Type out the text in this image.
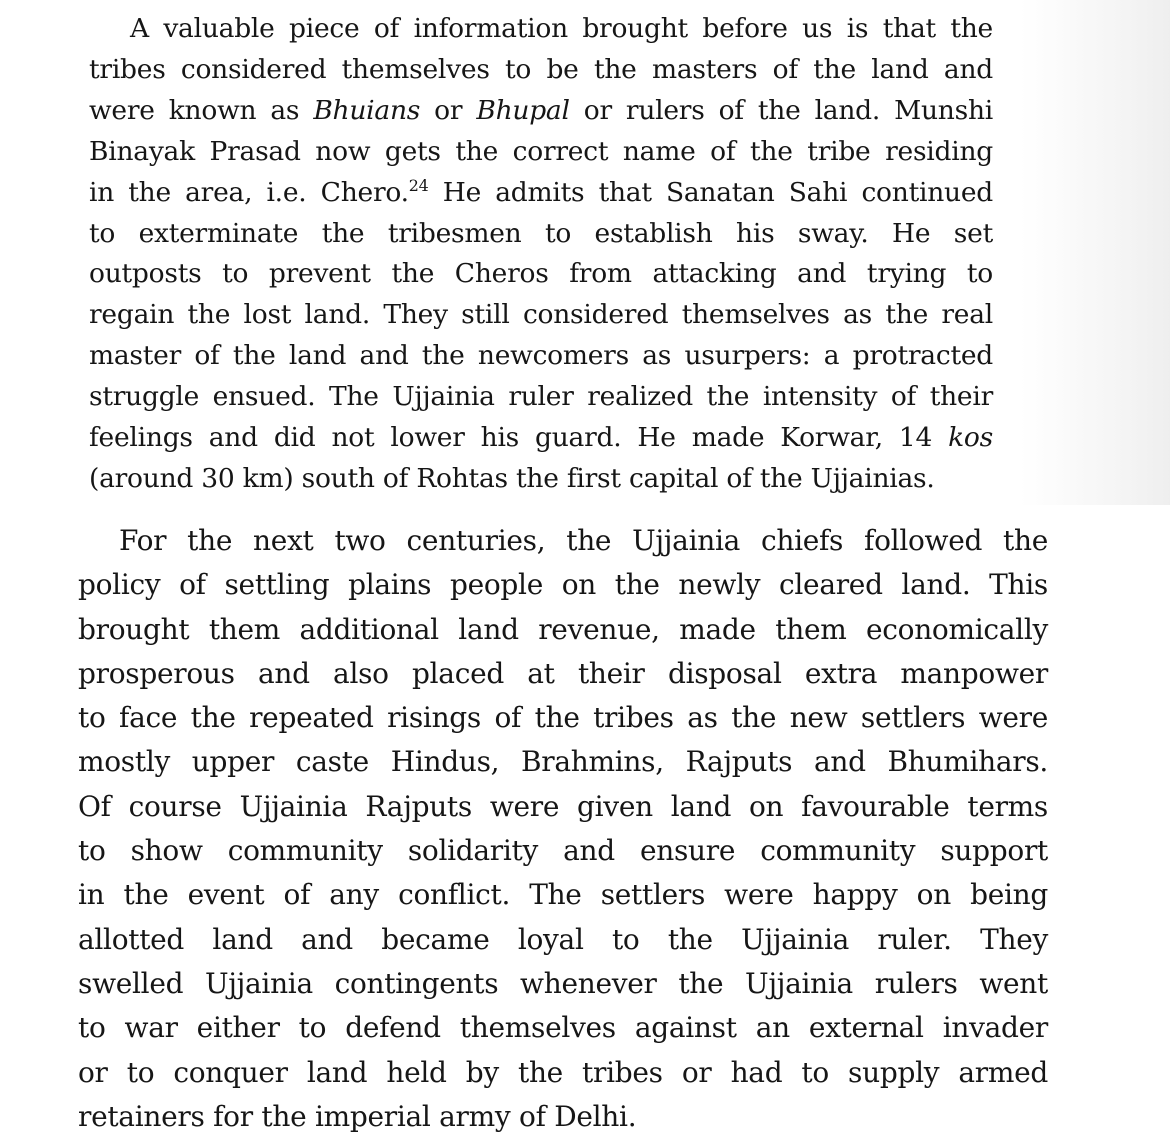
A valuable piece of information brought before us is that the
tribes considered themselves to be the masters of the land and
were known as Bhuians or Bhupal or rulers of the land. Munshi
Binayak Prasad now gets the correct name of the tribe residing
in the area, i.e. Chero.$^{24}$ He admits that Sanatan Sahi continued
to exterminate the tribesmen to establish his sway. He set
outposts to prevent the Cheros from attacking and trying to
regain the lost land. They still considered themselves as the real
master of the land and the newcomers as usurpers: a protracted
struggle ensued. The Ujjainia ruler realized the intensity of their
feelings and did not lower his guard. He made Korwar, 14 kos
(around 30 km) south of Rohtas the first capital of the Ujjainias.

For the next two centuries, the Ujjainia chiefs followed the
policy of settling plains people on the newly cleared land. This
brought them additional land revenue, made them economically
prosperous and also placed at their disposal extra manpower
to face the repeated risings of the tribes as the new settlers were
mostly upper caste Hindus, Brahmins, Rajputs and Bhumihars.
Of course Ujjainia Rajputs were given land on favourable terms
to show community solidarity and ensure community support
in the event of any conflict. The settlers were happy on being
allotted land and became loyal to the Ujjainia ruler. They
swelled Ujjainia contingents whenever the Ujjainia rulers went
to war either to defend themselves against an external invader
or to conquer land held by the tribes or had to supply armed
retainers for the imperial army of Delhi.
